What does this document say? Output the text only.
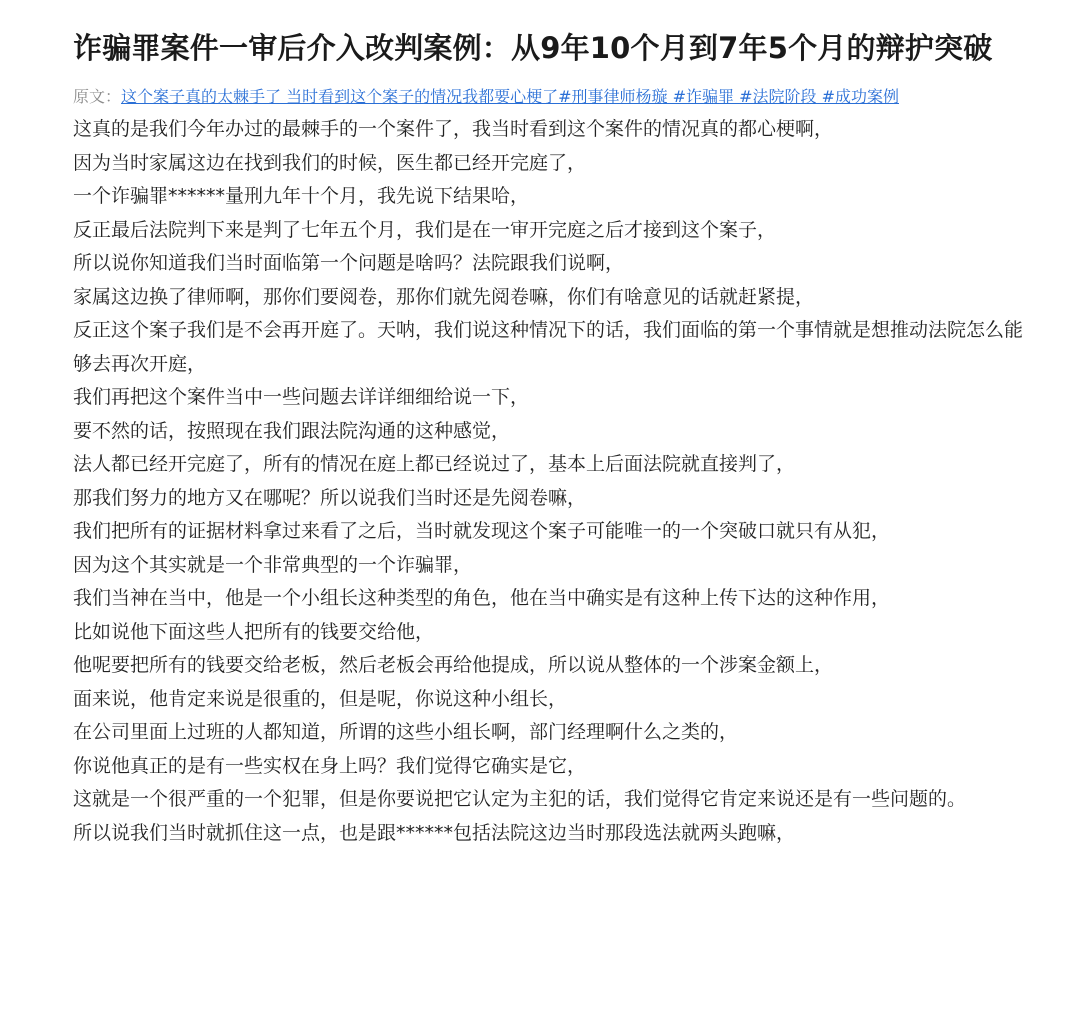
诈骗罪案件一审后介入改判案例：从9年10个月到7年5个月的辩护突破
原文：这个案子真的太棘手了 当时看到这个案子的情况我都要心梗了#刑事律师杨璇 #诈骗罪 #法院阶段 #成功案例

这真的是我们今年办过的最棘手的一个案件了，我当时看到这个案件的情况真的都心梗啊，

因为当时家属这边在找到我们的时候，医生都已经开完庭了，

一个诈骗罪******量刑九年十个月，我先说下结果哈，

反正最后法院判下来是判了七年五个月，我们是在一审开完庭之后才接到这个案子，

所以说你知道我们当时面临第一个问题是啥吗？法院跟我们说啊，

家属这边换了律师啊，那你们要阅卷，那你们就先阅卷嘛，你们有啥意见的话就赶紧提，

反正这个案子我们是不会再开庭了。天呐，我们说这种情况下的话，我们面临的第一个事情就是想推动法院怎么能够去再次开庭，

我们再把这个案件当中一些问题去详详细细给说一下，

要不然的话，按照现在我们跟法院沟通的这种感觉，

法人都已经开完庭了，所有的情况在庭上都已经说过了，基本上后面法院就直接判了，

那我们努力的地方又在哪呢？所以说我们当时还是先阅卷嘛，

我们把所有的证据材料拿过来看了之后，当时就发现这个案子可能唯一的一个突破口就只有从犯，

因为这个其实就是一个非常典型的一个诈骗罪，

我们当神在当中，他是一个小组长这种类型的角色，他在当中确实是有这种上传下达的这种作用，

比如说他下面这些人把所有的钱要交给他，

他呢要把所有的钱要交给老板，然后老板会再给他提成，所以说从整体的一个涉案金额上，

面来说，他肯定来说是很重的，但是呢，你说这种小组长，

在公司里面上过班的人都知道，所谓的这些小组长啊，部门经理啊什么之类的，

你说他真正的是有一些实权在身上吗？我们觉得它确实是它，

这就是一个很严重的一个犯罪，但是你要说把它认定为主犯的话，我们觉得它肯定来说还是有一些问题的。

所以说我们当时就抓住这一点，也是跟******包括法院这边当时那段选法就两头跑嘛，
